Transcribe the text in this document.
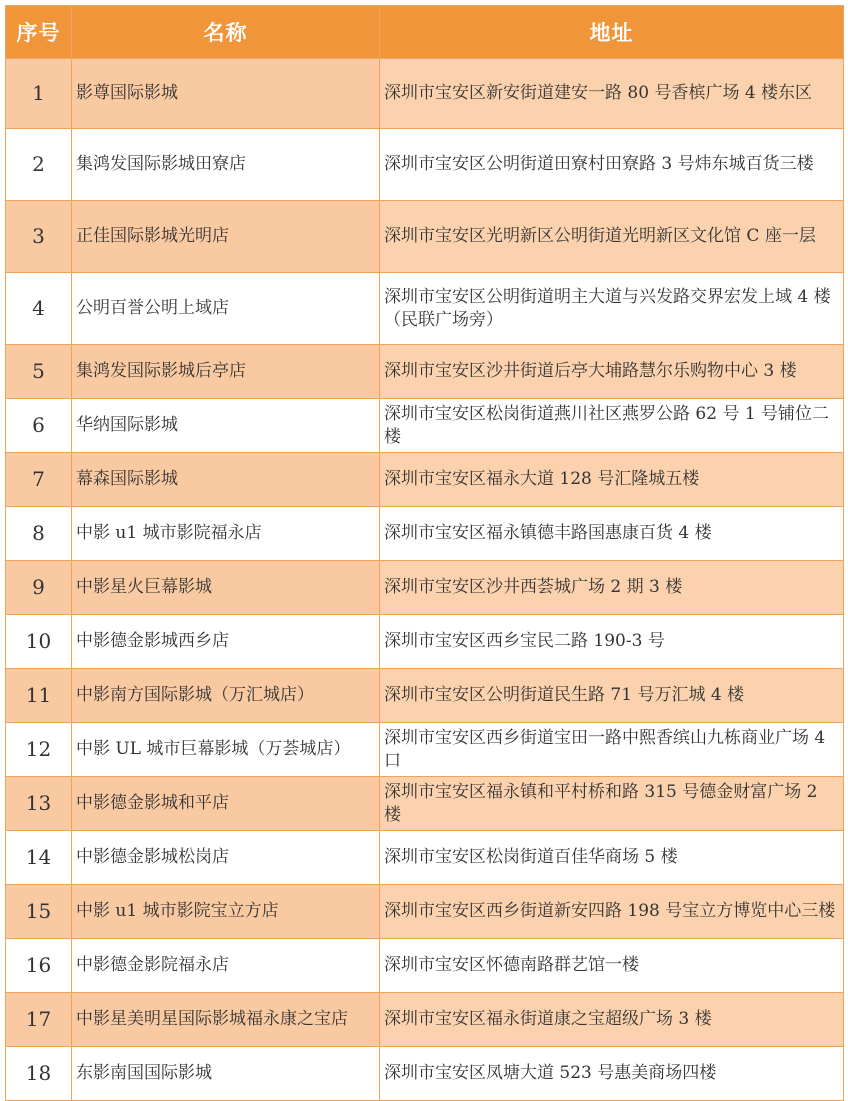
序号	名称	地址
1	影尊国际影城	深圳市宝安区新安街道建安一路 80 号香槟广场 4 楼东区
2	集鸿发国际影城田寮店	深圳市宝安区公明街道田寮村田寮路 3 号炜东城百货三楼
3	正佳国际影城光明店	深圳市宝安区光明新区公明街道光明新区文化馆 C 座一层
4	公明百誉公明上域店	深圳市宝安区公明街道明主大道与兴发路交界宏发上域 4 楼（民联广场旁）
5	集鸿发国际影城后亭店	深圳市宝安区沙井街道后亭大埔路慧尔乐购物中心 3 楼
6	华纳国际影城	深圳市宝安区松岗街道燕川社区燕罗公路 62 号 1 号铺位二楼
7	幕森国际影城	深圳市宝安区福永大道 128 号汇隆城五楼
8	中影 u1 城市影院福永店	深圳市宝安区福永镇德丰路国惠康百货 4 楼
9	中影星火巨幕影城	深圳市宝安区沙井西荟城广场 2 期 3 楼
10	中影德金影城西乡店	深圳市宝安区西乡宝民二路 190-3 号
11	中影南方国际影城（万汇城店）	深圳市宝安区公明街道民生路 71 号万汇城 4 楼
12	中影 UL 城市巨幕影城（万荟城店）	深圳市宝安区西乡街道宝田一路中熙香缤山九栋商业广场 4 口
13	中影德金影城和平店	深圳市宝安区福永镇和平村桥和路 315 号德金财富广场 2 楼
14	中影德金影城松岗店	深圳市宝安区松岗街道百佳华商场 5 楼
15	中影 u1 城市影院宝立方店	深圳市宝安区西乡街道新安四路 198 号宝立方博览中心三楼
16	中影德金影院福永店	深圳市宝安区怀德南路群艺馆一楼
17	中影星美明星国际影城福永康之宝店	深圳市宝安区福永街道康之宝超级广场 3 楼
18	东影南国国际影城	深圳市宝安区凤塘大道 523 号惠美商场四楼
